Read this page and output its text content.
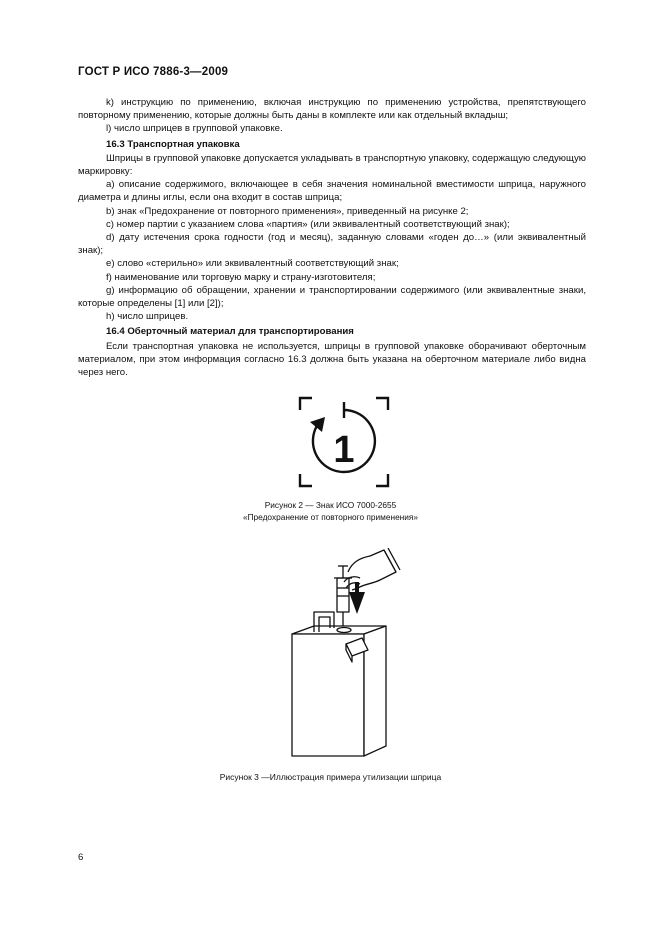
ГОСТ Р ИСО 7886-3—2009

k) инструкцию по применению, включая инструкцию по применению устройства, препятствующего повторному применению, которые должны быть даны в комплекте или как отдельный вкладыш;

l) число шприцев в групповой упаковке.

16.3 Транспортная упаковка

Шприцы в групповой упаковке допускается укладывать в транспортную упаковку, содержащую следующую маркировку:

a) описание содержимого, включающее в себя значения номинальной вместимости шприца, наружного диаметра и длины иглы, если она входит в состав шприца;

b) знак «Предохранение от повторного применения», приведенный на рисунке 2;

c) номер партии с указанием слова «партия» (или эквивалентный соответствующий знак);

d) дату истечения срока годности (год и месяц), заданную словами «годен до…» (или эквивалентный знак);

e) слово «стерильно» или эквивалентный соответствующий знак;

f) наименование или торговую марку и страну-изготовителя;

g) информацию об обращении, хранении и транспортировании содержимого (или эквивалентные знаки, которые определены [1] или [2]);

h) число шприцев.

16.4 Оберточный материал для транспортирования

Если транспортная упаковка не используется, шприцы в групповой упаковке оборачивают оберточным материалом, при этом информация согласно 16.3 должна быть указана на оберточном материале либо видна через него.

1
Рисунок 2 — Знак ИСО 7000-2655
«Предохранение от повторного применения»
Рисунок 3 —Иллюстрация примера утилизации шприца
6
